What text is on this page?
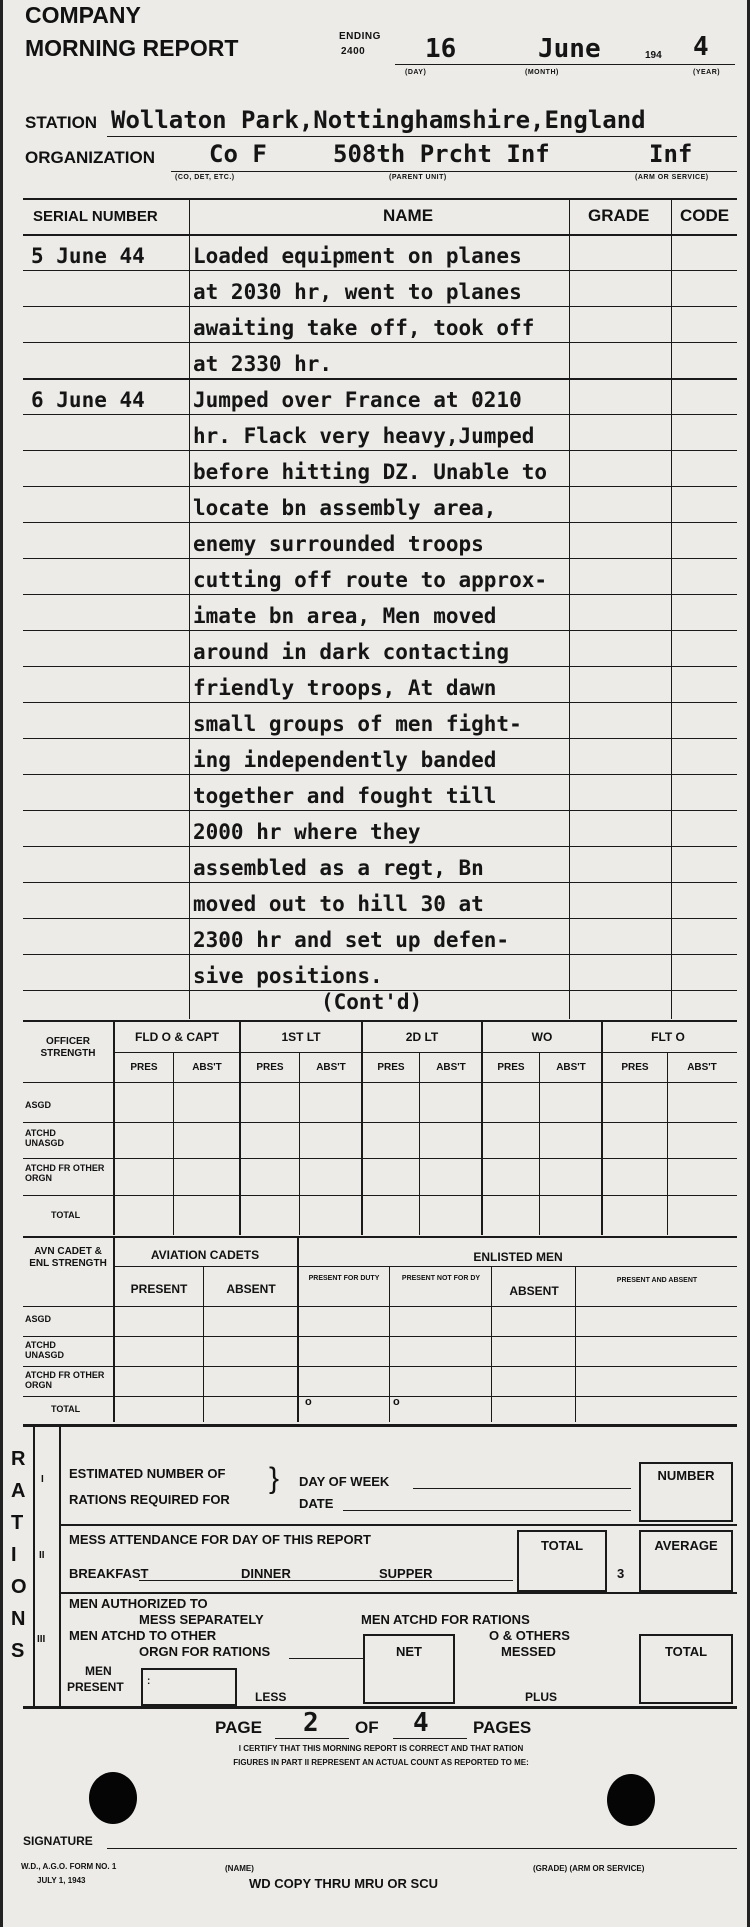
COMPANY
MORNING REPORT	ENDING
2400 16	June	194 4
(DAY)	(MONTH)	(YEAR)
STATION Wollaton Park,Nottinghamshire,England
ORGANIZATION Co F	508th Prcht Inf	Inf
(CO, DET, ETC.)	(PARENT UNIT)	(ARM OR SERVICE)
SERIAL NUMBER	NAME	GRADE CODE
5 June 44 Loaded equipment on planes
at 2030 hr, went to planes
awaiting take off, took off
at 2330 hr.
6 June 44 Jumped over France at 0210
hr. Flack very heavy,Jumped
before hitting DZ. Unable to
locate bn assembly area,
enemy surrounded troops
cutting off route to approx-
imate bn area, Men moved
around in dark contacting
friendly troops, At dawn
small groups of men fight-
ing independently banded
together and fought till
2000 hr where they
assembled as a regt, Bn
moved out to hill 30 at
2300 hr and set up defen-
sive positions.
(Cont'd)
OFFICER STRENGTH
FLD O & CAPT	1ST LT	2D LT	WO	FLT O
PRES	ABS'T	PRES	ABS'T	PRES	ABS'T	PRES	ABS'T	PRES	ABS'T
ASGD
ATCHD UNASGD
ATCHD FR OTHER ORGN
TOTAL
AVN CADET & ENL STRENGTH
AVIATION CADETS	ENLISTED MEN
PRESENT	ABSENT
PRESENT FOR DUTY	PRESENT NOT FOR DY
ABSENT
PRESENT AND ABSENT
ASGD
ATCHD UNASGD
ATCHD FR OTHER ORGN
TOTAL
o	o
R
A
T
I
O
N
S
I ESTIMATED NUMBER OF
RATIONS REQUIRED FOR
} DAY OF WEEK
DATE
NUMBER
II
MESS ATTENDANCE FOR DAY OF THIS REPORT
BREAKFAST	DINNER	SUPPER
TOTAL
3
AVERAGE
III
MEN AUTHORIZED TO
MESS SEPARATELY
MEN ATCHD TO OTHER
ORGN FOR RATIONS
MEN ATCHD FOR RATIONS
O & OTHERS
MESSED
NET	TOTAL
MEN
PRESENT :
LESS	PLUS
PAGE 2 OF 4	PAGES
I CERTIFY THAT THIS MORNING REPORT IS CORRECT AND THAT RATION
FIGURES IN PART II REPRESENT AN ACTUAL COUNT AS REPORTED TO ME:
SIGNATURE
W.D., A.G.O. FORM NO. 1
JULY 1, 1943
(NAME)	(GRADE) (ARM OR SERVICE)
WD COPY THRU MRU OR SCU
